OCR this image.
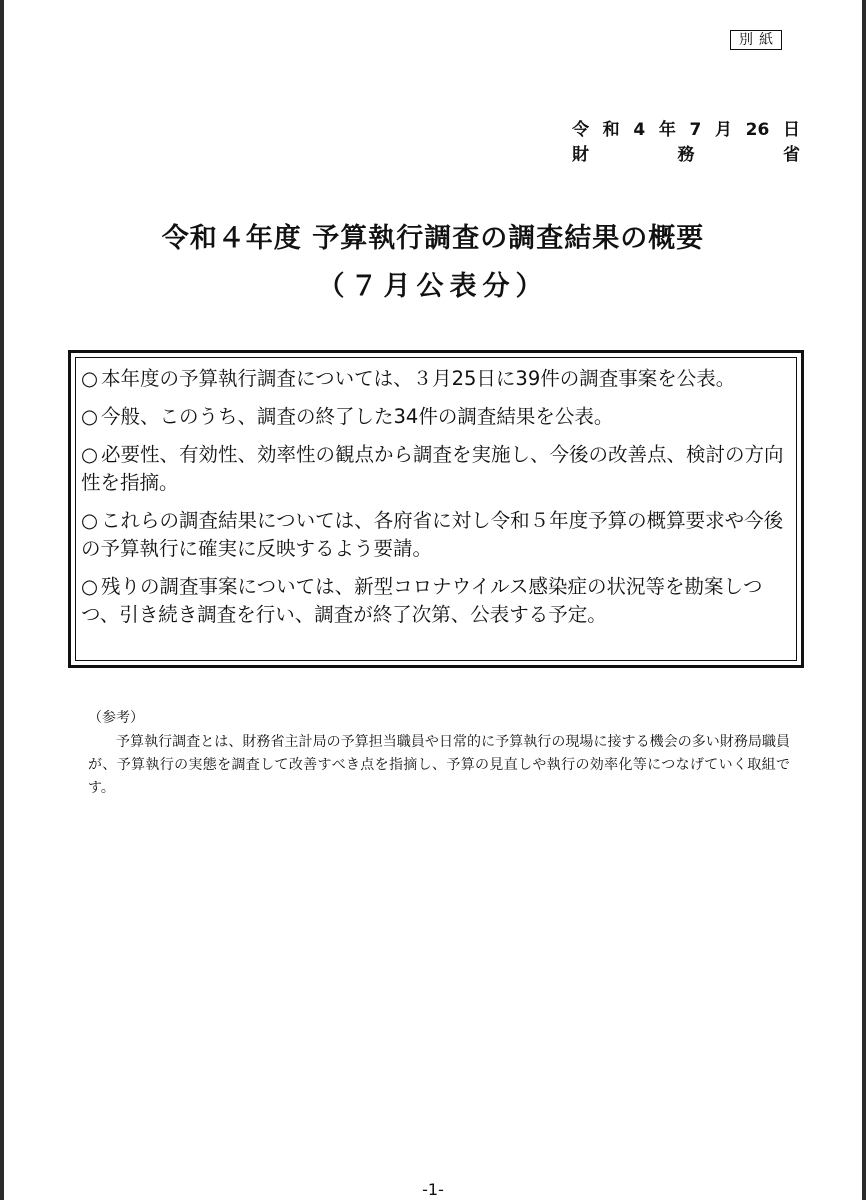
別紙
令 和 4 年 7 月 26 日
財	務	省
令和４年度 予算執行調査の調査結果の概要
（７月公表分）
○ 本年度の予算執行調査については、３月25日に39件の調査事案を公表。
○ 今般、このうち、調査の終了した34件の調査結果を公表。
○ 必要性、有効性、効率性の観点から調査を実施し、今後の改善点、検討の方向性を指摘。
○ これらの調査結果については、各府省に対し令和５年度予算の概算要求や今後の予算執行に確実に反映するよう要請。
○ 残りの調査事案については、新型コロナウイルス感染症の状況等を勘案しつつ、引き続き調査を行い、調査が終了次第、公表する予定。
（参考）
予算執行調査とは、財務省主計局の予算担当職員や日常的に予算執行の現場に接する機会の多い財務局職員が、予算執行の実態を調査して改善すべき点を指摘し、予算の見直しや執行の効率化等につなげていく取組です。
-1-
